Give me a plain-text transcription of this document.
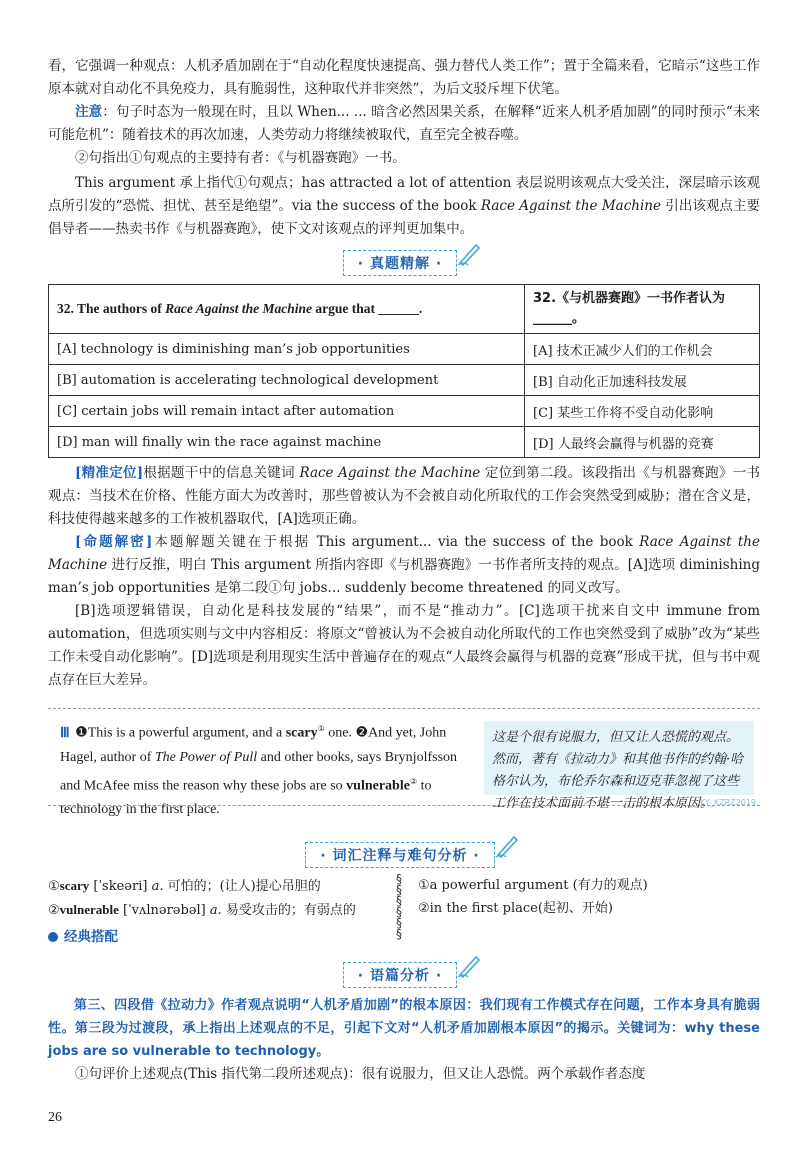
看，它强调一种观点：人机矛盾加剧在于“自动化程度快速提高、强力替代人类工作”；置于全篇来看，它暗示“这些工作原本就对自动化不具免疫力，具有脆弱性，这种取代并非突然”，为后文驳斥埋下伏笔。

注意：句子时态为一般现在时，且以 When... ... 暗含必然因果关系，在解释“近来人机矛盾加剧”的同时预示“未来可能危机”：随着技术的再次加速，人类劳动力将继续被取代，直至完全被吞噬。

②句指出①句观点的主要持有者：《与机器赛跑》一书。

This argument 承上指代①句观点；has attracted a lot of attention 表层说明该观点大受关注，深层暗示该观点所引发的“恐慌、担忧、甚至是绝望”。via the success of the book Race Against the Machine 引出该观点主要倡导者——热卖书作《与机器赛跑》，使下文对该观点的评判更加集中。

· 真题精解 ·
32. The authors of Race Against the Machine argue that ______.	32.《与机器赛跑》一书作者认为______。
[A] technology is diminishing man’s job opportunities	[A] 技术正减少人们的工作机会
[B] automation is accelerating technological development	[B] 自动化正加速科技发展
[C] certain jobs will remain intact after automation	[C] 某些工作将不受自动化影响
[D] man will finally win the race against machine	[D] 人最终会赢得与机器的竞赛

[精准定位]根据题干中的信息关键词 Race Against the Machine 定位到第二段。该段指出《与机器赛跑》一书观点：当技术在价格、性能方面大为改善时，那些曾被认为不会被自动化所取代的工作会突然受到威胁；潜在含义是，科技使得越来越多的工作被机器取代，[A]选项正确。

[命题解密]本题解题关键在于根据 This argument... via the success of the book Race Against the Machine 进行反推，明白 This argument 所指内容即《与机器赛跑》一书作者所支持的观点。[A]选项 diminishing man’s job opportunities 是第二段①句 jobs... suddenly become threatened 的同义改写。

[B]选项逻辑错误，自动化是科技发展的“结果”，而不是“推动力”。[C]选项干扰来自文中 immune from automation，但选项实则与文中内容相反：将原文“曾被认为不会被自动化所取代的工作也突然受到了威胁”改为“某些工作未受自动化影响”。[D]选项是利用现实生活中普遍存在的观点“人最终会赢得与机器的竞赛”形成干扰，但与书中观点存在巨大差异。

Ⅲ ❶This is a powerful argument, and a scary① one. ❷And yet, John Hagel, author of The Power of Pull and other books, says Brynjolfsson and McAfee miss the reason why these jobs are so vulnerable② to technology in the first place.
这是个很有说服力，但又让人恐慌的观点。然而，著有《拉动力》和其他书作的约翰·哈格尔认为，布伦乔尔森和迈克菲忽视了这些工作在技术面前不堪一击的根本原因。
KY_KZRZ2019
· 词汇注释与难句分析 ·
①scary [ˈskeəri] a. 可怕的；(让人)提心吊胆的
②vulnerable [ˈvʌlnərəbəl] a. 易受攻击的；有弱点的
§
§
§
§
§
§
①a powerful argument (有力的观点)
②in the first place(起初、开始)
经典搭配
· 语篇分析 ·

第三、四段借《拉动力》作者观点说明“人机矛盾加剧”的根本原因：我们现有工作模式存在问题，工作本身具有脆弱性。第三段为过渡段，承上指出上述观点的不足，引起下文对“人机矛盾加剧根本原因”的揭示。关键词为：why these jobs are so vulnerable to technology。

①句评价上述观点(This 指代第二段所述观点)：很有说服力，但又让人恐慌。两个承载作者态度

26
